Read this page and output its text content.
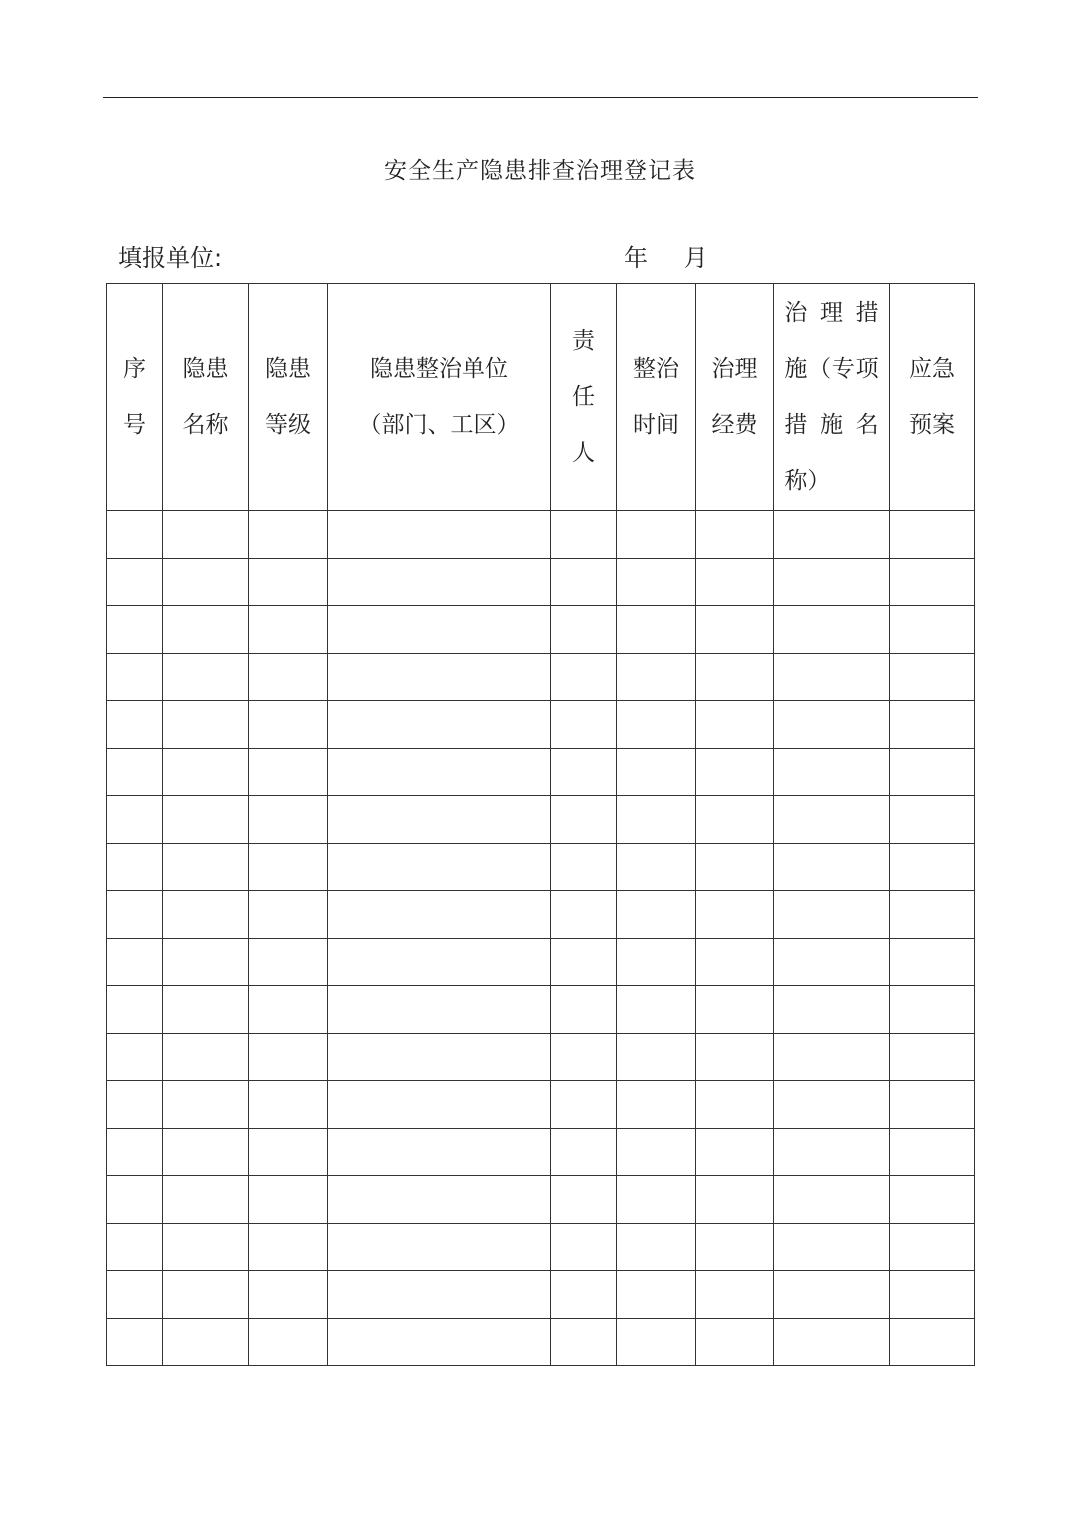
安全生产隐患排查治理登记表
填报单位:	年 月
序号	隐患名称	隐患等级	隐患整治单位（部门、工区）	责任人	整治时间	治理经费	治 理 措 施（专项措 施 名 称）	应急预案
